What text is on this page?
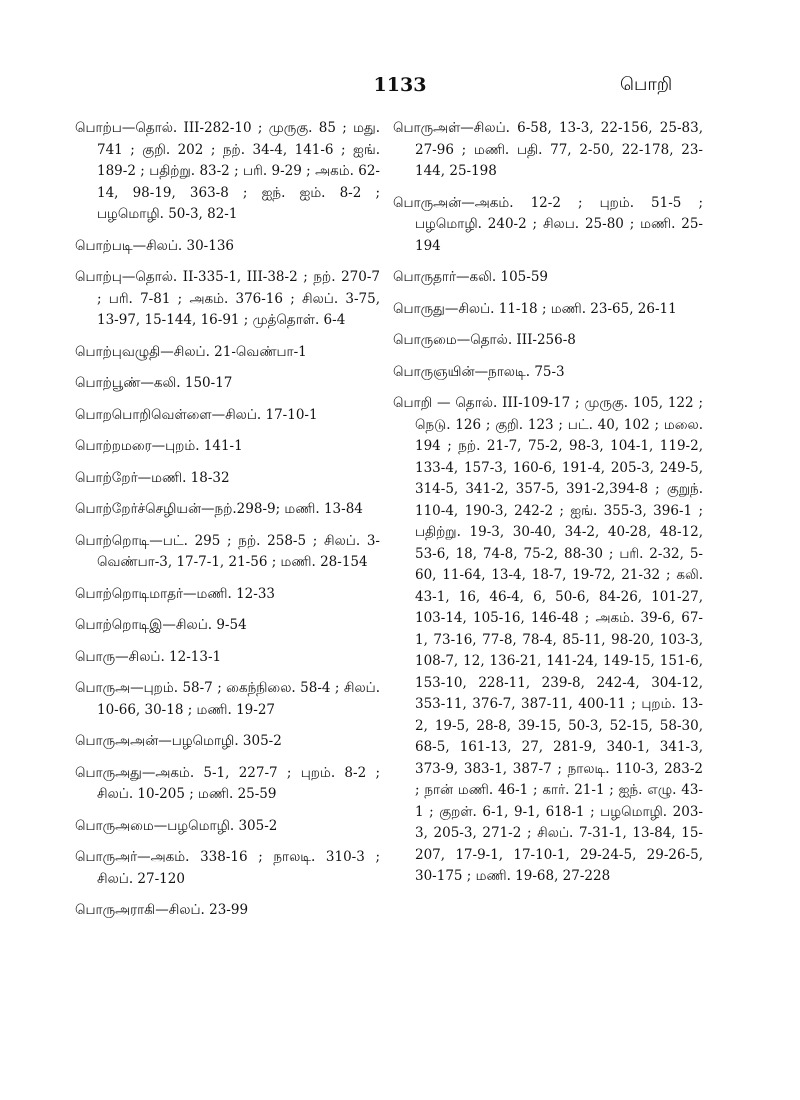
1133	பொறி
பொற்ப—தொல். III-282-10 ; முருகு. 85 ; மது. 741 ; குறி. 202 ; நற். 34-4, 141-6 ; ஐங். 189-2 ; பதிற்று. 83-2 ; பரி. 9-29 ; அகம். 62-14, 98-19, 363-8 ; ஐந். ஐம். 8-2 ; பழமொழி. 50-3, 82-1
பொற்படி—சிலப். 30-136
பொற்பு—தொல். II-335-1, III-38-2 ; நற். 270-7 ; பரி. 7-81 ; அகம். 376-16 ; சிலப். 3-75, 13-97, 15-144, 16-91 ; முத்தொள். 6-4
பொற்புவழுதி—சிலப். 21-வெண்பா-1
பொற்பூண்—கலி. 150-17
பொறபொறிவெள்ளை—சிலப். 17-10-1
பொற்றமரை—புறம். 141-1
பொற்றேர்—மணி. 18-32
பொற்றேர்ச்செழியன்—நற்.298-9; மணி. 13-84
பொற்றொடி—பட். 295 ; நற். 258-5 ; சிலப். 3-வெண்பா-3, 17-7-1, 21-56 ; மணி. 28-154
பொற்றொடிமாதர்—மணி. 12-33
பொற்றொடிஇ—சிலப். 9-54
பொரு—சிலப். 12-13-1
பொருஅ—புறம். 58-7 ; கைந்நிலை. 58-4 ; சிலப். 10-66, 30-18 ; மணி. 19-27
பொருஅஅன்—பழமொழி. 305-2
பொருஅது—அகம். 5-1, 227-7 ; புறம். 8-2 ; சிலப். 10-205 ; மணி. 25-59
பொருஅமை—பழமொழி. 305-2
பொருஅர்—அகம். 338-16 ; நாலடி. 310-3 ; சிலப். 27-120
பொருஅராகி—சிலப். 23-99
பொருஅள்—சிலப். 6-58, 13-3, 22-156, 25-83, 27-96 ; மணி. பதி. 77, 2-50, 22-178, 23-144, 25-198
பொருஅன்—அகம். 12-2 ; புறம். 51-5 ; பழமொழி. 240-2 ; சிலப. 25-80 ; மணி. 25-194
பொருதார்—கலி. 105-59
பொருது—சிலப். 11-18 ; மணி. 23-65, 26-11
பொருமை—தொல். III-256-8
பொருஞயின்—நாலடி. 75-3
பொறி — தொல். III-109-17 ; முருகு. 105, 122 ; நெடு. 126 ; குறி. 123 ; பட். 40, 102 ; மலை. 194 ; நற். 21-7, 75-2, 98-3, 104-1, 119-2, 133-4, 157-3, 160-6, 191-4, 205-3, 249-5, 314-5, 341-2, 357-5, 391-2,394-8 ; குறுந். 110-4, 190-3, 242-2 ; ஐங். 355-3, 396-1 ; பதிற்று. 19-3, 30-40, 34-2, 40-28, 48-12, 53-6, 18, 74-8, 75-2, 88-30 ; பரி. 2-32, 5-60, 11-64, 13-4, 18-7, 19-72, 21-32 ; கலி. 43-1, 16, 46-4, 6, 50-6, 84-26, 101-27, 103-14, 105-16, 146-48 ; அகம். 39-6, 67-1, 73-16, 77-8, 78-4, 85-11, 98-20, 103-3, 108-7, 12, 136-21, 141-24, 149-15, 151-6, 153-10, 228-11, 239-8, 242-4, 304-12, 353-11, 376-7, 387-11, 400-11 ; புறம். 13-2, 19-5, 28-8, 39-15, 50-3, 52-15, 58-30, 68-5, 161-13, 27, 281-9, 340-1, 341-3, 373-9, 383-1, 387-7 ; நாலடி. 110-3, 283-2 ; நான் மணி. 46-1 ; கார். 21-1 ; ஐந். எழு. 43-1 ; குறள். 6-1, 9-1, 618-1 ; பழமொழி. 203-3, 205-3, 271-2 ; சிலப். 7-31-1, 13-84, 15-207, 17-9-1, 17-10-1, 29-24-5, 29-26-5, 30-175 ; மணி. 19-68, 27-228
